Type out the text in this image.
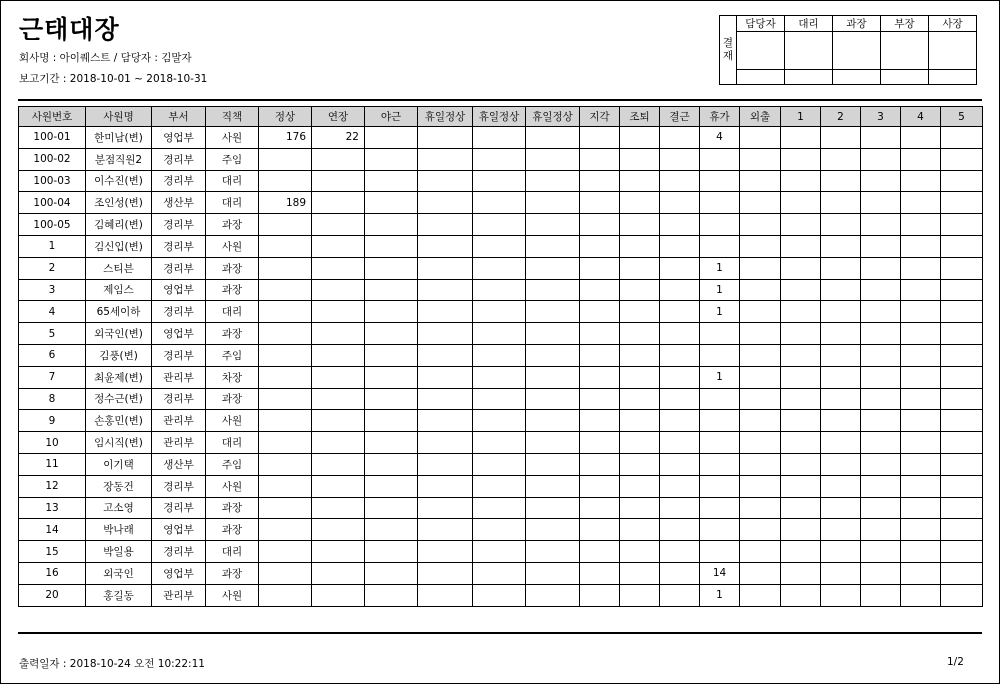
근태대장
회사명 : 아이퀘스트 / 담당자 : 김말자
보고기간 : 2018-10-01 ~ 2018-10-31
결
재	담당자	대리	과장	부장	사장

사원번호	사원명	부서	직책	정상	연장	야근	휴일정상	휴일정상	휴일정상	지각	조퇴	결근	휴가	외출	1	2	3	4	5
100-01	한미남(변)	영업부	사원	176	22								4						
100-02	분점직원2	경리부	주임																
100-03	이수진(변)	경리부	대리																
100-04	조인성(변)	생산부	대리	189															
100-05	김혜리(변)	경리부	과장																
1	김신입(변)	경리부	사원																
2	스티븐	경리부	과장										1						
3	제임스	영업부	과장										1						
4	65세이하	경리부	대리										1						
5	외국인(변)	영업부	과장																
6	김풍(변)	경리부	주임																
7	최윤제(변)	관리부	차장										1						
8	정수근(변)	경리부	과장																
9	손홍민(변)	관리부	사원																
10	임시직(변)	관리부	대리																
11	이기택	생산부	주임																
12	장동건	경리부	사원																
13	고소영	경리부	과장																
14	박나래	영업부	과장																
15	박일용	경리부	대리																
16	외국인	영업부	과장										14						
20	홍길동	관리부	사원										1						
출력일자 : 2018-10-24 오전 10:22:11	1/2
